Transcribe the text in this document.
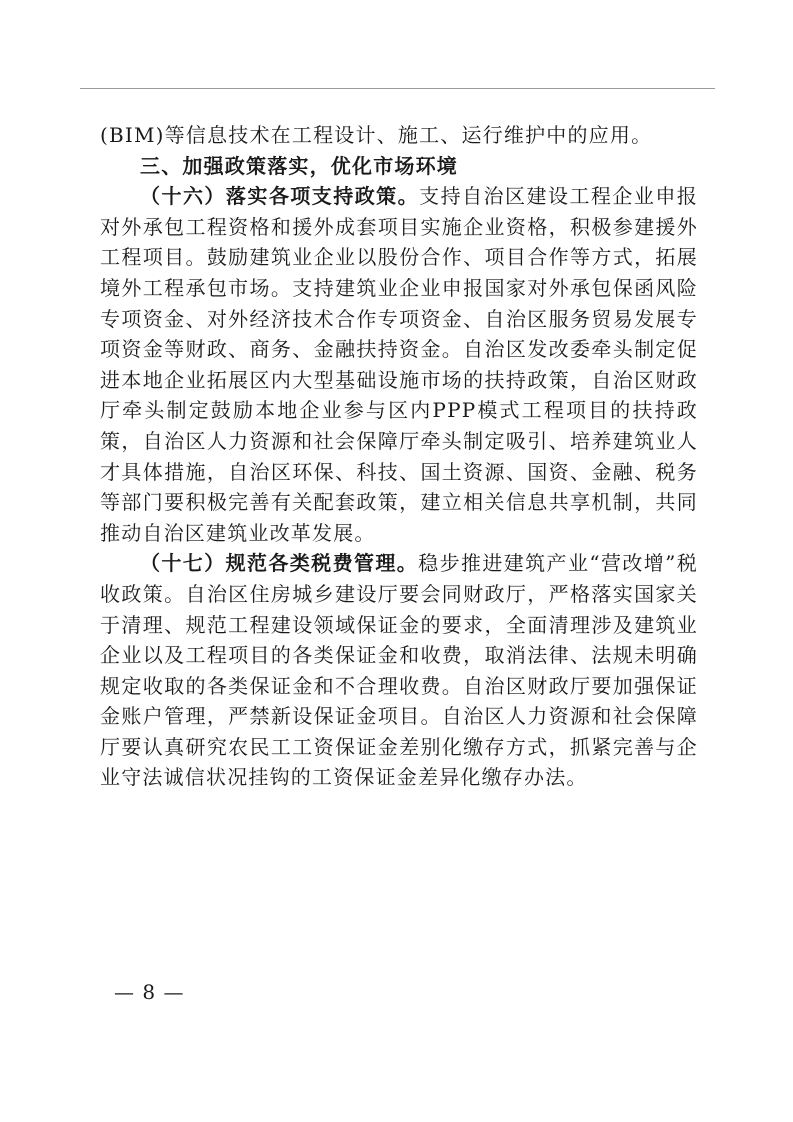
(BIM)等信息技术在工程设计、施工、运行维护中的应用。

三、加强政策落实，优化市场环境

（十六）落实各项支持政策。支持自治区建设工程企业申报对外承包工程资格和援外成套项目实施企业资格，积极参建援外工程项目。鼓励建筑业企业以股份合作、项目合作等方式，拓展境外工程承包市场。支持建筑业企业申报国家对外承包保函风险专项资金、对外经济技术合作专项资金、自治区服务贸易发展专项资金等财政、商务、金融扶持资金。自治区发改委牵头制定促进本地企业拓展区内大型基础设施市场的扶持政策，自治区财政厅牵头制定鼓励本地企业参与区内PPP模式工程项目的扶持政策，自治区人力资源和社会保障厅牵头制定吸引、培养建筑业人才具体措施，自治区环保、科技、国土资源、国资、金融、税务等部门要积极完善有关配套政策，建立相关信息共享机制，共同推动自治区建筑业改革发展。

（十七）规范各类税费管理。稳步推进建筑产业“营改增”税收政策。自治区住房城乡建设厅要会同财政厅，严格落实国家关于清理、规范工程建设领域保证金的要求，全面清理涉及建筑业企业以及工程项目的各类保证金和收费，取消法律、法规未明确规定收取的各类保证金和不合理收费。自治区财政厅要加强保证金账户管理，严禁新设保证金项目。自治区人力资源和社会保障厅要认真研究农民工工资保证金差别化缴存方式，抓紧完善与企业守法诚信状况挂钩的工资保证金差异化缴存办法。

— 8 —
